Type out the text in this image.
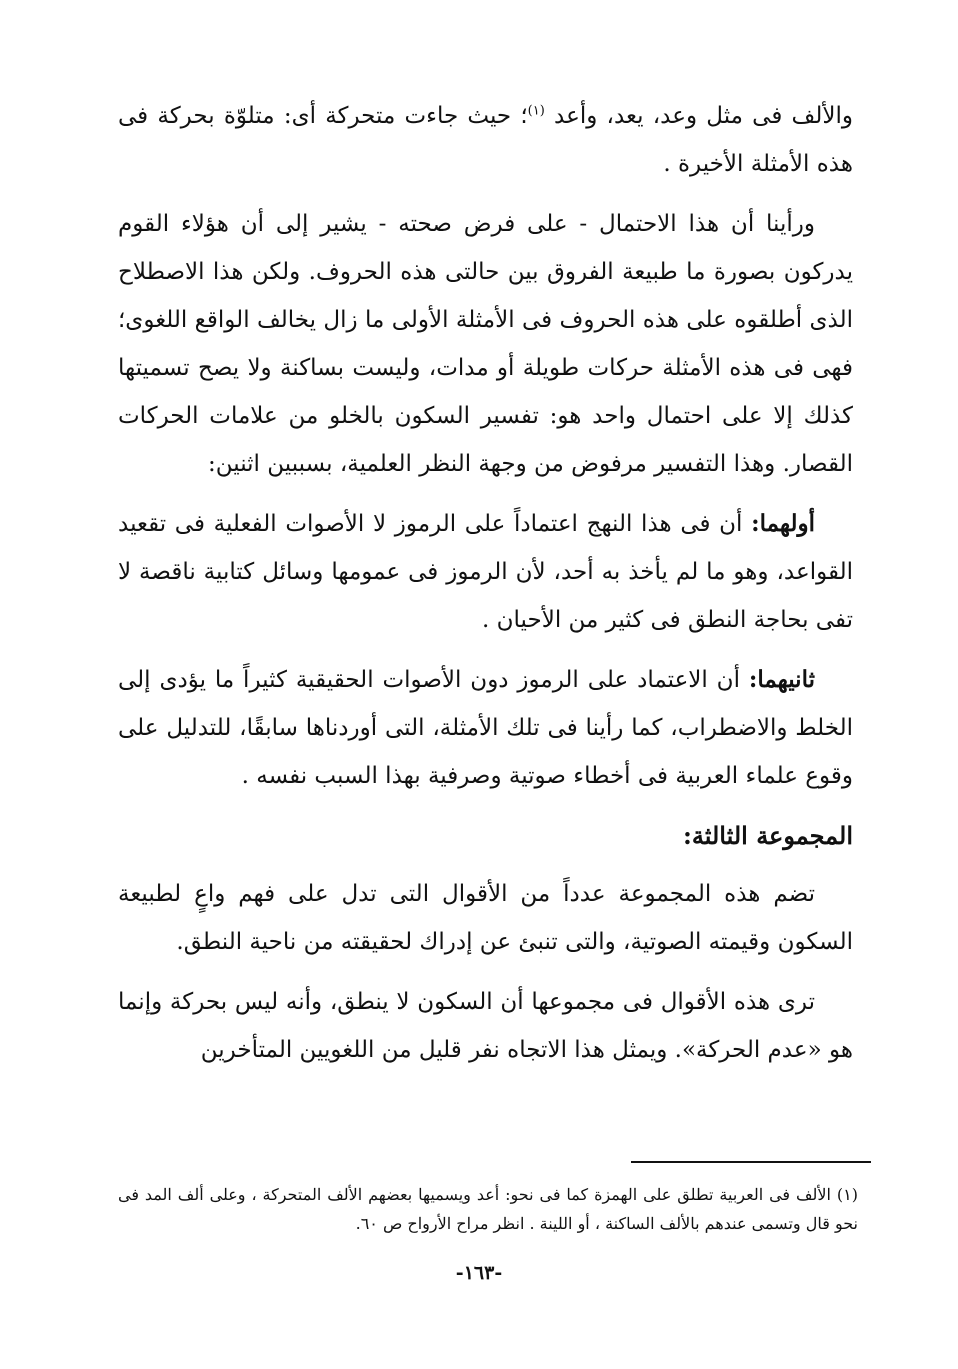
والألف فى مثل وعد، يعد، وأعد $^{(١)}$؛ حيث جاءت متحركة أى: متلوّة بحركة فى هذه الأمثلة الأخيرة .

ورأينا أن هذا الاحتمال - على فرض صحته - يشير إلى أن هؤلاء القوم يدركون بصورة ما طبيعة الفروق بين حالتى هذه الحروف. ولكن هذا الاصطلاح الذى أطلقوه على هذه الحروف فى الأمثلة الأولى ما زال يخالف الواقع اللغوى؛ فهى فى هذه الأمثلة حركات طويلة أو مدات، وليست بساكنة ولا يصح تسميتها كذلك إلا على احتمال واحد هو: تفسير السكون بالخلو من علامات الحركات القصار. وهذا التفسير مرفوض من وجهة النظر العلمية، بسببين اثنين:

أولهما: أن فى هذا النهج اعتماداً على الرموز لا الأصوات الفعلية فى تقعيد القواعد، وهو ما لم يأخذ به أحد، لأن الرموز فى عمومها وسائل كتابية ناقصة لا تفى بحاجة النطق فى كثير من الأحيان .

ثانيهما: أن الاعتماد على الرموز دون الأصوات الحقيقية كثيراً ما يؤدى إلى الخلط والاضطراب، كما رأينا فى تلك الأمثلة، التى أوردناها سابقًا، للتدليل على وقوع علماء العربية فى أخطاء صوتية وصرفية بهذا السبب نفسه .

المجموعة الثالثة:

تضم هذه المجموعة عدداً من الأقوال التى تدل على فهم واعٍ لطبيعة السكون وقيمته الصوتية، والتى تنبئ عن إدراك لحقيقته من ناحية النطق.

ترى هذه الأقوال فى مجموعها أن السكون لا ينطق، وأنه ليس بحركة وإنما هو «عدم الحركة». ويمثل هذا الاتجاه نفر قليل من اللغويين المتأخرين

(١) الألف فى العربية تطلق على الهمزة كما فى نحو: أعد ويسميها بعضهم الألف المتحركة ، وعلى ألف المد فى نحو قال وتسمى عندهم بالألف الساكنة ، أو اللينة . انظر مراح الأرواح ص ٦٠.
-١٦٣-
